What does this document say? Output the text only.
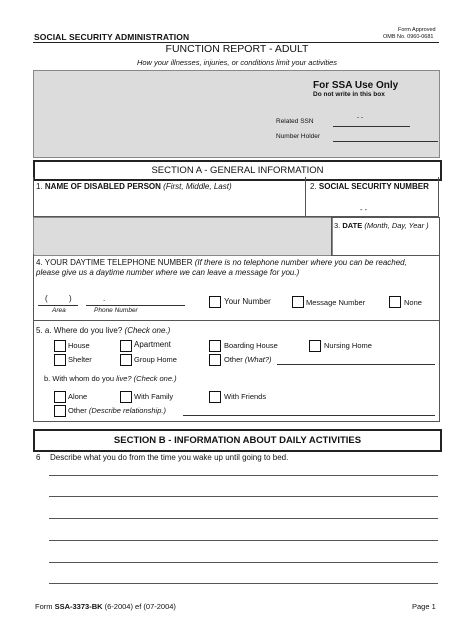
SOCIAL SECURITY ADMINISTRATION
Form Approved
OMB No. 0960-0681
FUNCTION REPORT - ADULT
How your illnesses, injuries, or conditions limit your activities
For SSA Use Only
Do not write in this box
Related SSN
- -
Number Holder
SECTION A - GENERAL INFORMATION
1. NAME OF DISABLED PERSON (First, Middle, Last)	2. SOCIAL SECURITY NUMBER
- -
3. DATE (Month, Day, Year )
4. YOUR DAYTIME TELEPHONE NUMBER (If there is no telephone number where you can be reached,
please give us a daytime number where we can leave a message for you.)
(	)	.
Area	Phone Number
Your Number	Message Number	None
5. a. Where do you live? (Check one.)
House	Apartment	Boarding House	Nursing Home
Shelter	Group Home	Other (What?)
b. With whom do you live? (Check one.)
Alone	With Family	With Friends
Other (Describe relationship.)
SECTION B - INFORMATION ABOUT DAILY ACTIVITIES
6 Describe what you do from the time you wake up until going to bed.
Form SSA-3373-BK (6-2004) ef (07-2004)	Page 1
